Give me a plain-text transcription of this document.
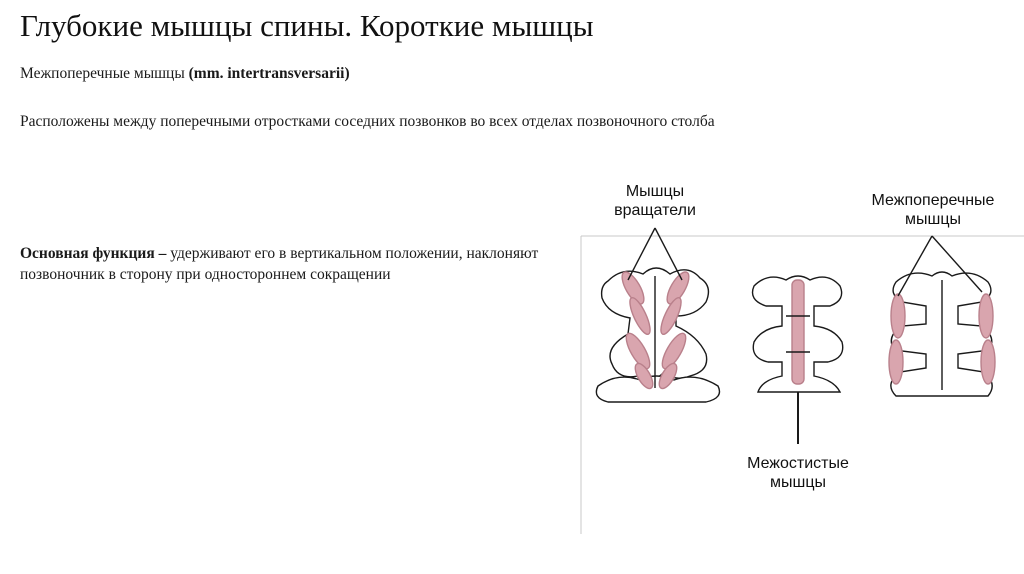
Глубокие мышцы спины. Короткие мышцы
Межпоперечные мышцы (mm. intertransversarii)
Расположены между поперечными отростками соседних позвонков во всех отделах позвоночного столба
Основная функция – удерживают его в вертикальном положении, наклоняют позвоночник в сторону при одностороннем сокращении
Мышцы вращатели
Межпоперечные мышцы
Межостистые мышцы
